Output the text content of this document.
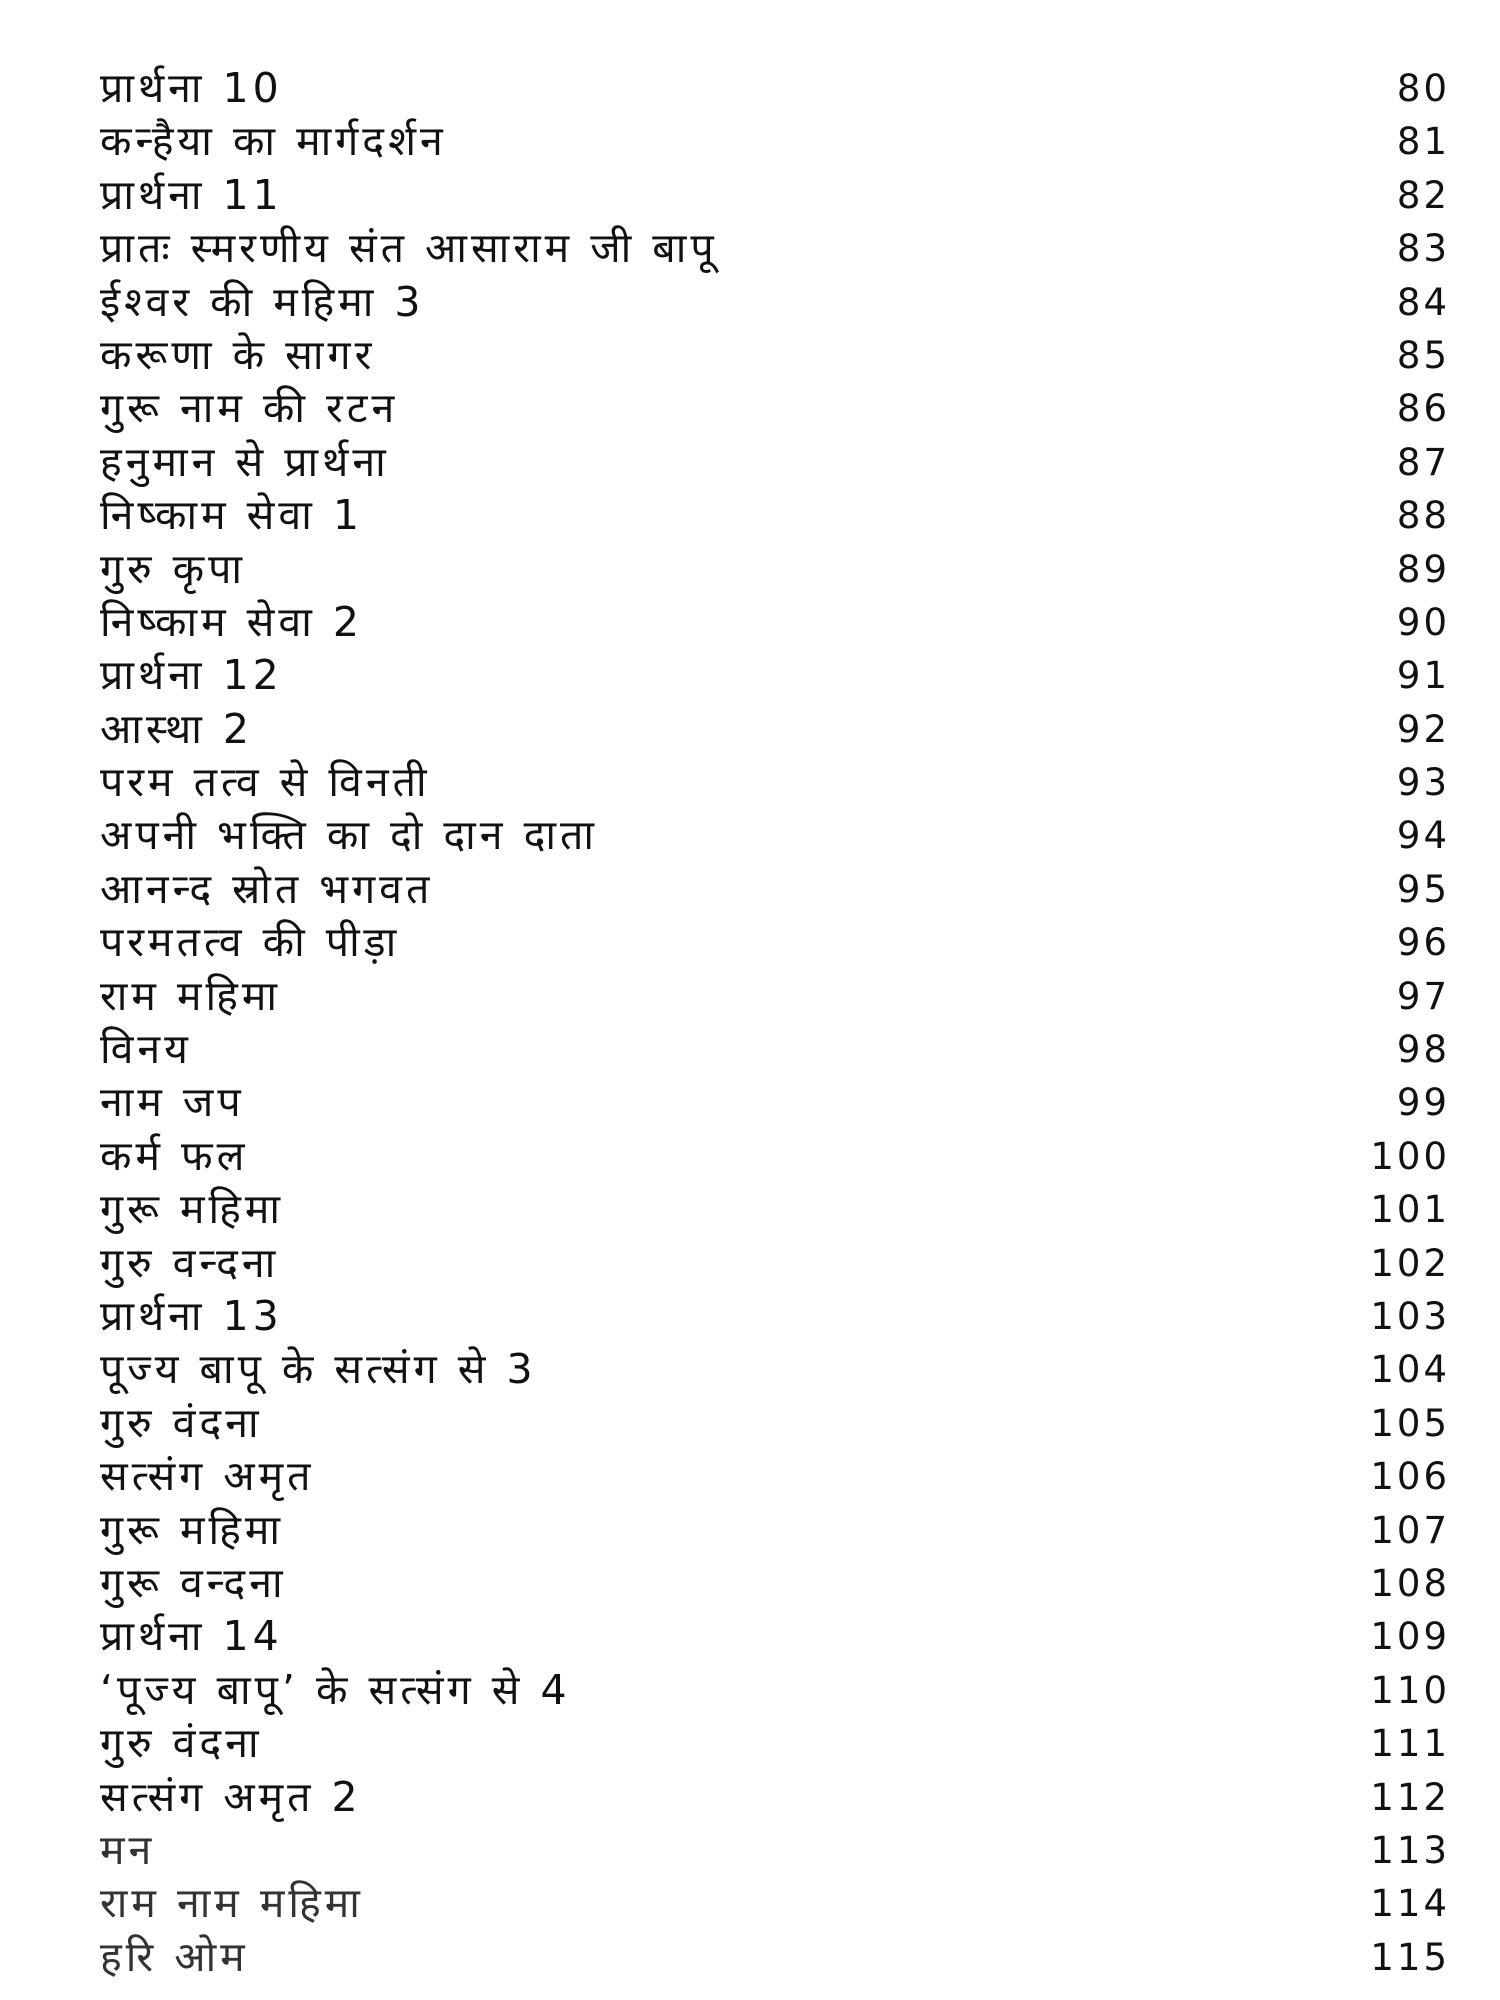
प्रार्थना 10	80
कन्हैया का मार्गदर्शन	81
प्रार्थना 11	82
प्रातः स्मरणीय संत आसाराम जी बापू	83
ईश्वर की महिमा 3	84
करूणा के सागर	85
गुरू नाम की रटन	86
हनुमान से प्रार्थना	87
निष्काम सेवा 1	88
गुरु कृपा	89
निष्काम सेवा 2	90
प्रार्थना 12	91
आस्था 2	92
परम तत्व से विनती	93
अपनी भक्ति का दो दान दाता	94
आनन्द स्रोत भगवत	95
परमतत्व की पीड़ा	96
राम महिमा	97
विनय	98
नाम जप	99
कर्म फल	100
गुरू महिमा	101
गुरु वन्दना	102
प्रार्थना 13	103
पूज्य बापू के सत्संग से 3	104
गुरु वंदना	105
सत्संग अमृत	106
गुरू महिमा	107
गुरू वन्दना	108
प्रार्थना 14	109
‘पूज्य बापू’ के सत्संग से 4	110
गुरु वंदना	111
सत्संग अमृत 2	112
मन	113
राम नाम महिमा	114
हरि ओम	115
